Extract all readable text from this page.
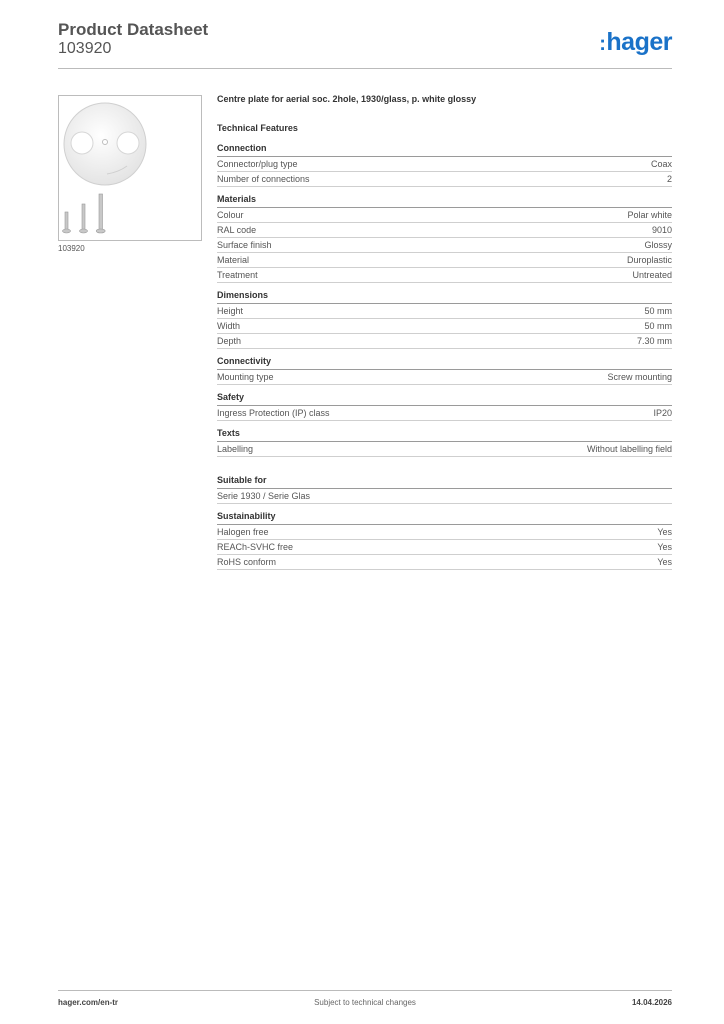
Product Datasheet
103920	:hager
103920
Centre plate for aerial soc. 2hole, 1930/glass, p. white glossy
Technical Features
Connection
Connector/plug type	Coax
Number of connections	2
Materials
Colour	Polar white
RAL code	9010
Surface finish	Glossy
Material	Duroplastic
Treatment	Untreated
Dimensions
Height	50 mm
Width	50 mm
Depth	7.30 mm
Connectivity
Mounting type	Screw mounting
Safety
Ingress Protection (IP) class	IP20
Texts
Labelling	Without labelling field
Suitable for
Serie 1930 / Serie Glas
Sustainability
Halogen free	Yes
REACh-SVHC free	Yes
RoHS conform	Yes
hager.com/en-tr	Subject to technical changes	14.04.2026
